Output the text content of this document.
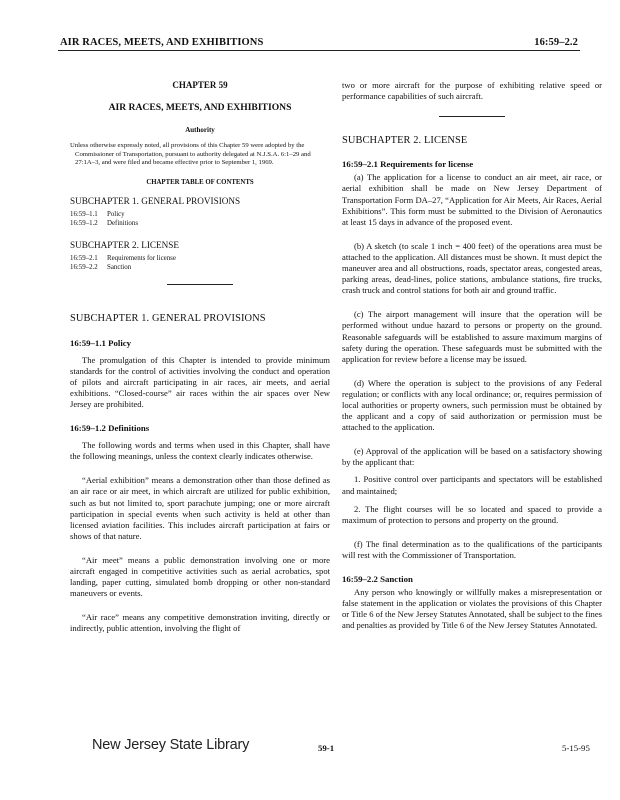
AIR RACES, MEETS, AND EXHIBITIONS	16:59–2.2
CHAPTER 59
AIR RACES, MEETS, AND EXHIBITIONS
Authority
Unless otherwise expressly noted, all provisions of this Chapter 59 were adopted by the Commissioner of Transportation, pursuant to authority delegated at N.J.S.A. 6:1–29 and 27:1A–3, and were filed and became effective prior to September 1, 1969.
CHAPTER TABLE OF CONTENTS
SUBCHAPTER 1. GENERAL PROVISIONS
16:59–1.1 Policy
16:59–1.2 Definitions
SUBCHAPTER 2. LICENSE
16:59–2.1 Requirements for license
16:59–2.2 Sanction
SUBCHAPTER 1. GENERAL PROVISIONS
16:59–1.1 Policy
The promulgation of this Chapter is intended to provide minimum standards for the control of activities involving the conduct and operation of pilots and aircraft participating in air races, air meets, and aerial exhibitions. “Closed-course” air races within the air spaces over New Jersey are prohibited.
16:59–1.2 Definitions
The following words and terms when used in this Chapter, shall have the following meanings, unless the context clearly indicates otherwise.
“Aerial exhibition” means a demonstration other than those defined as an air race or air meet, in which aircraft are utilized for public exhibition, such as but not limited to, sport parachute jumping; one or more aircraft participation in special events when such activity is held at other than licensed aviation facilities. This includes aircraft participation at fairs or shows of that nature.
“Air meet” means a public demonstration involving one or more aircraft engaged in competitive activities such as aerial acrobatics, spot landing, paper cutting, simulated bomb dropping or other non-standard maneuvers or events.
“Air race” means any competitive demonstration inviting, directly or indirectly, public attention, involving the flight of
two or more aircraft for the purpose of exhibiting relative speed or performance capabilities of such aircraft.
SUBCHAPTER 2. LICENSE
16:59–2.1 Requirements for license
(a) The application for a license to conduct an air meet, air race, or aerial exhibition shall be made on New Jersey Department of Transportation Form DA–27, “Application for Air Meets, Air Races, Aerial Exhibitions”. This form must be submitted to the Division of Aeronautics at least 15 days in advance of the proposed event.
(b) A sketch (to scale 1 inch = 400 feet) of the operations area must be attached to the application. All distances must be shown. It must depict the maneuver area and all obstructions, roads, spectator areas, congested areas, parking areas, dead-lines, police stations, ambulance stations, fire trucks, crash truck and control stations for both air and ground traffic.
(c) The airport management will insure that the operation will be performed without undue hazard to persons or property on the ground. Reasonable safeguards will be established to assure maximum margins of safety during the operation. These safeguards must be submitted with the application for review before a license may be issued.
(d) Where the operation is subject to the provisions of any Federal regulation; or conflicts with any local ordinance; or, requires permission of local authorities or property owners, such permission must be obtained by the applicant and a copy of said authorization or permission must be attached to the application.
(e) Approval of the application will be based on a satisfactory showing by the applicant that:
1. Positive control over participants and spectators will be established and maintained;
2. The flight courses will be so located and spaced to provide a maximum of protection to persons and property on the ground.
(f) The final determination as to the qualifications of the participants will rest with the Commissioner of Transportation.
16:59–2.2 Sanction
Any person who knowingly or willfully makes a misrepresentation or false statement in the application or violates the provisions of this Chapter or Title 6 of the New Jersey Statutes Annotated, shall be subject to the fines and penalties as provided by Title 6 of the New Jersey Statutes Annotated.
New Jersey State Library	59-1	5-15-95
